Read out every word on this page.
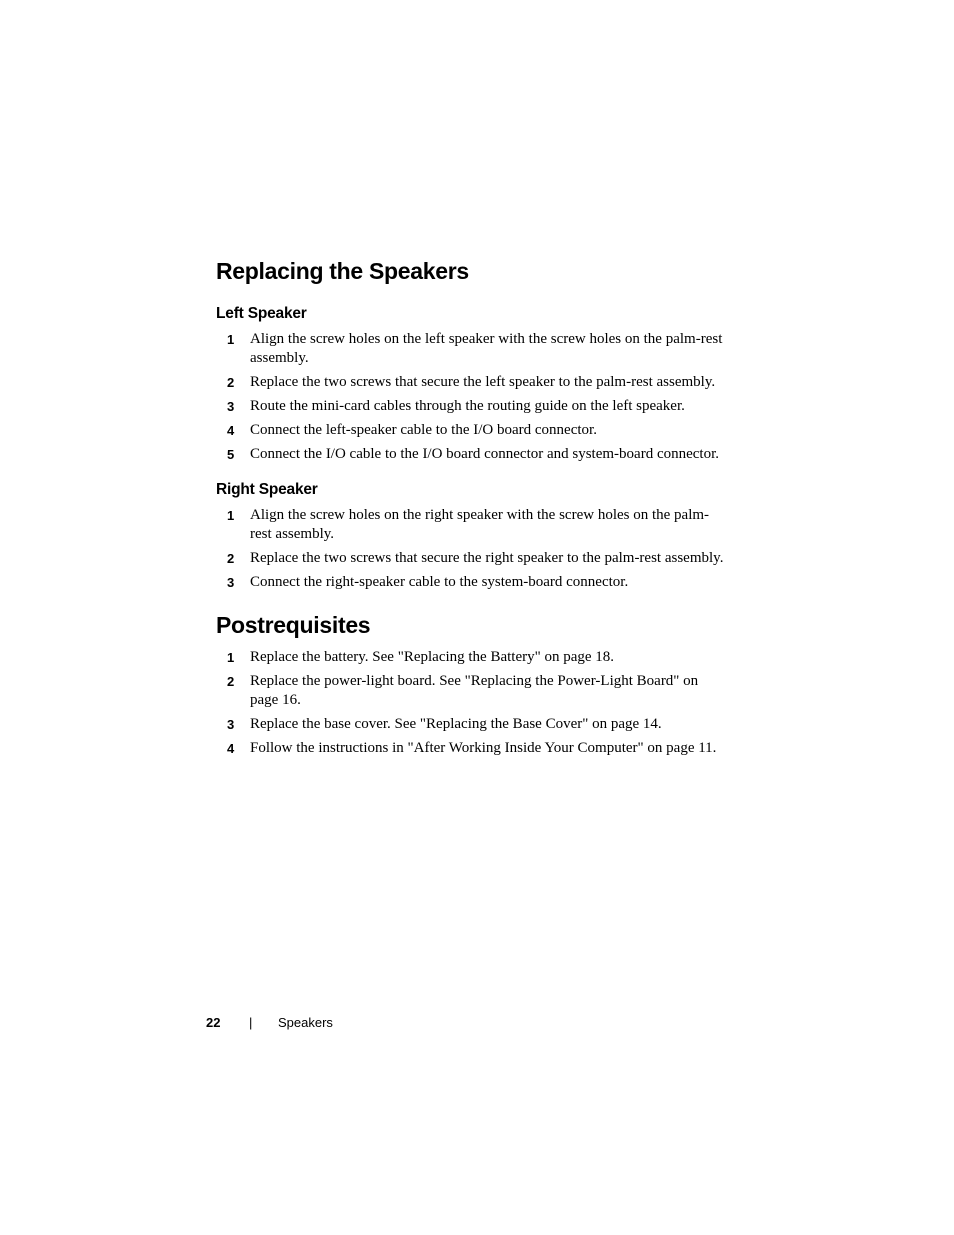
Replacing the Speakers
Left Speaker
1 Align the screw holes on the left speaker with the screw holes on the palm-rest assembly.
2 Replace the two screws that secure the left speaker to the palm-rest assembly.
3 Route the mini-card cables through the routing guide on the left speaker.
4 Connect the left-speaker cable to the I/O board connector.
5 Connect the I/O cable to the I/O board connector and system-board connector.
Right Speaker
1 Align the screw holes on the right speaker with the screw holes on the palm-rest assembly.
2 Replace the two screws that secure the right speaker to the palm-rest assembly.
3 Connect the right-speaker cable to the system-board connector.
Postrequisites
1 Replace the battery. See "Replacing the Battery" on page 18.
2 Replace the power-light board. See "Replacing the Power-Light Board" on page 16.
3 Replace the base cover. See "Replacing the Base Cover" on page 14.
4 Follow the instructions in "After Working Inside Your Computer" on page 11.
22 | Speakers
